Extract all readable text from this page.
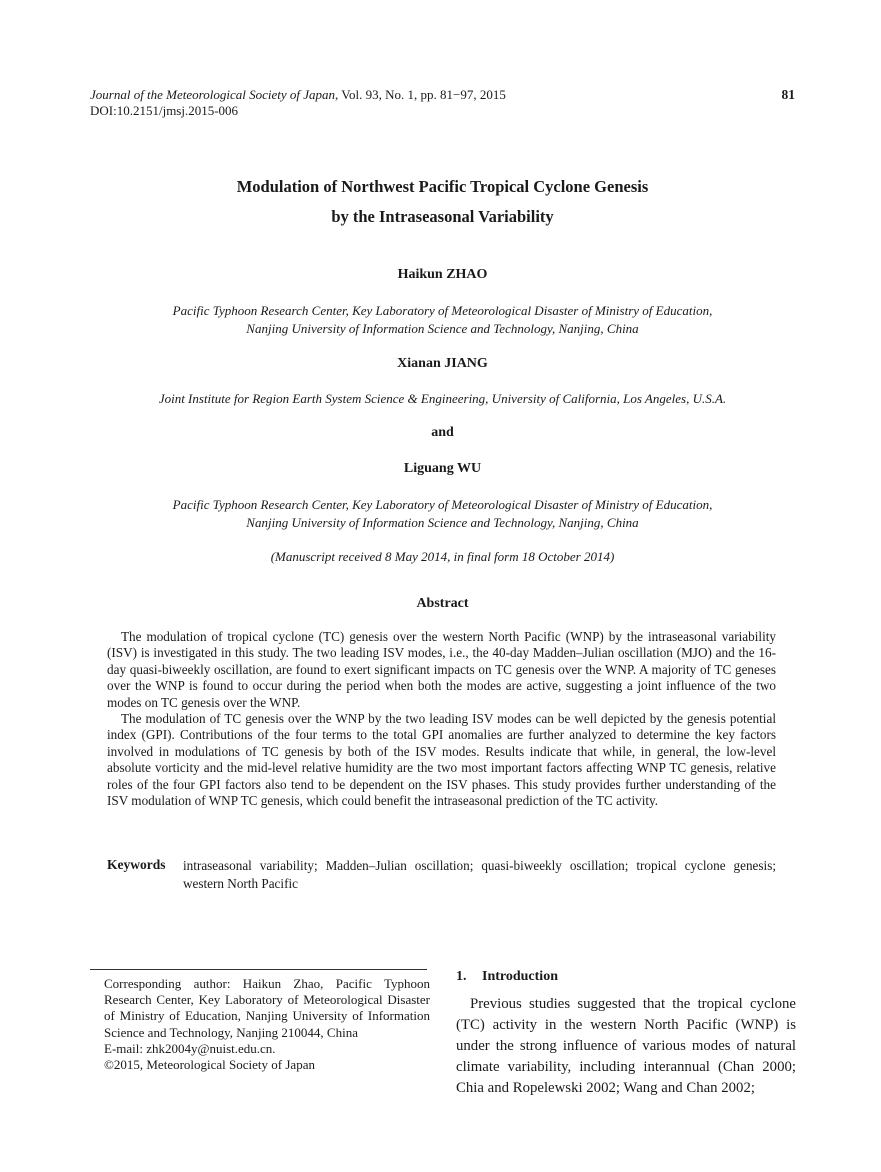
Journal of the Meteorological Society of Japan, Vol. 93, No. 1, pp. 81−97, 2015
DOI:10.2151/jmsj.2015-006
81
Modulation of Northwest Pacific Tropical Cyclone Genesis
by the Intraseasonal Variability
Haikun ZHAO
Pacific Typhoon Research Center, Key Laboratory of Meteorological Disaster of Ministry of Education,
Nanjing University of Information Science and Technology, Nanjing, China
Xianan JIANG
Joint Institute for Region Earth System Science & Engineering, University of California, Los Angeles, U.S.A.
and
Liguang WU
Pacific Typhoon Research Center, Key Laboratory of Meteorological Disaster of Ministry of Education,
Nanjing University of Information Science and Technology, Nanjing, China
(Manuscript received 8 May 2014, in final form 18 October 2014)
Abstract

The modulation of tropical cyclone (TC) genesis over the western North Pacific (WNP) by the intraseasonal variability (ISV) is investigated in this study. The two leading ISV modes, i.e., the 40-day Madden–Julian oscillation (MJO) and the 16-day quasi-biweekly oscillation, are found to exert significant impacts on TC genesis over the WNP. A majority of TC geneses over the WNP is found to occur during the period when both the modes are active, suggesting a joint influence of the two modes on TC genesis over the WNP.

The modulation of TC genesis over the WNP by the two leading ISV modes can be well depicted by the genesis potential index (GPI). Contributions of the four terms to the total GPI anomalies are further analyzed to determine the key factors involved in modulations of TC genesis by both of the ISV modes. Results indicate that while, in general, the low-level absolute vorticity and the mid-level relative humidity are the two most important factors affecting WNP TC genesis, relative roles of the four GPI factors also tend to be dependent on the ISV phases. This study provides further understanding of the ISV modulation of WNP TC genesis, which could benefit the intraseasonal prediction of the TC activity.

Keywords intraseasonal variability; Madden–Julian oscillation; quasi-biweekly oscillation; tropical cyclone genesis; western North Pacific
Corresponding author: Haikun Zhao, Pacific Typhoon Research Center, Key Laboratory of Meteorological Disaster of Ministry of Education, Nanjing University of Information Science and Technology, Nanjing 210044, China
E-mail: zhk2004y@nuist.edu.cn.
©2015, Meteorological Society of Japan
1. Introduction

Previous studies suggested that the tropical cyclone (TC) activity in the western North Pacific (WNP) is under the strong influence of various modes of natural climate variability, including interannual (Chan 2000; Chia and Ropelewski 2002; Wang and Chan 2002;
